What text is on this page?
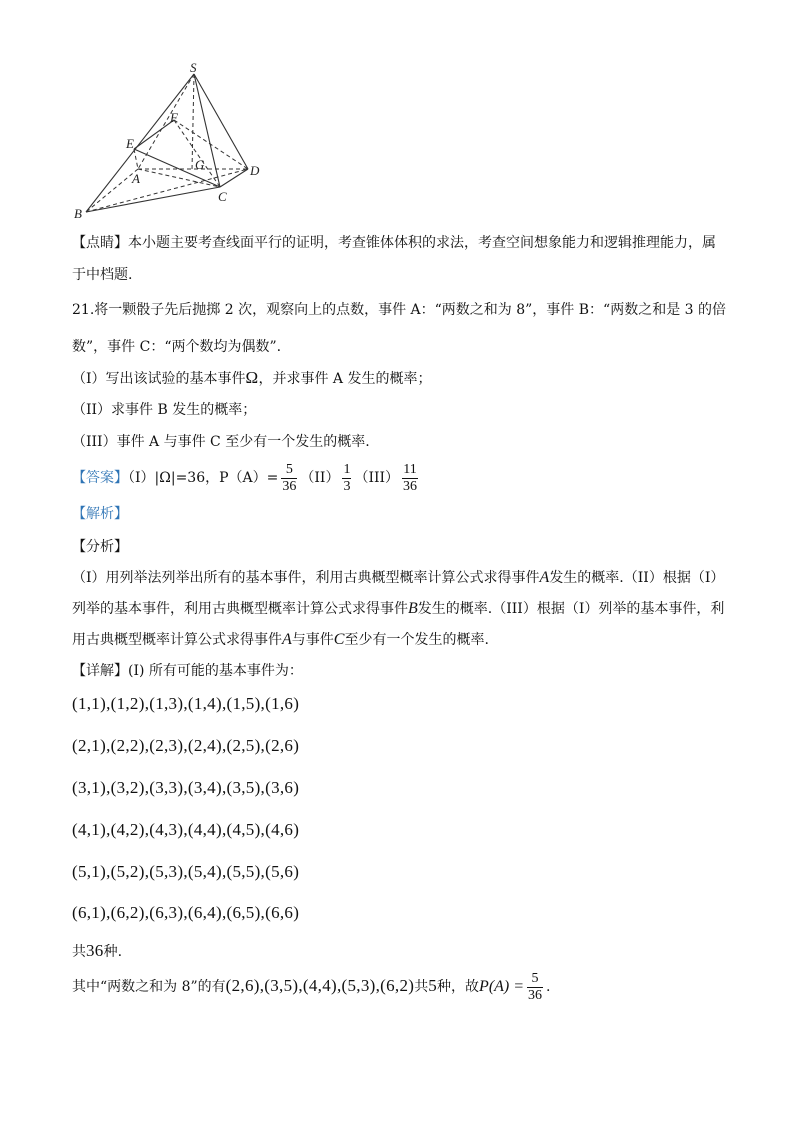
S
F
E
G	D
A
C
B
【点睛】本小题主要考查线面平行的证明，考查锥体体积的求法，考查空间想象能力和逻辑推理能力，属
于中档题.
21.将一颗骰子先后抛掷 2 次，观察向上的点数，事件 A：“两数之和为 8”，事件 B：“两数之和是 3 的倍
数”，事件 C：“两个数均为偶数”.
（I）写出该试验的基本事件Ω，并求事件 A 发生的概率；
（II）求事件 B 发生的概率；
（III）事件 A 与事件 C 至少有一个发生的概率.
【答案】（I）|Ω|=36，$P(A)= \frac{5}{36} (II) \frac{1}{3} (III) \frac{11}{36}$
【解析】
【分析】
（I）用列举法列举出所有的基本事件，利用古典概型概率计算公式求得事件A发生的概率.（II）根据（I）
列举的基本事件，利用古典概型概率计算公式求得事件B发生的概率.（III）根据（I）列举的基本事件，利
用古典概型概率计算公式求得事件A与事件C至少有一个发生的概率.
【详解】(I) 所有可能的基本事件为：
(1,1),(1,2),(1,3),(1,4),(1,5),(1,6)
(2,1),(2,2),(2,3),(2,4),(2,5),(2,6)
(3,1),(3,2),(3,3),(3,4),(3,5),(3,6)
(4,1),(4,2),(4,3),(4,4),(4,5),(4,6)
(5,1),(5,2),(5,3),(5,4),(5,5),(5,6)
(6,1),(6,2),(6,3),(6,4),(6,5),(6,6)
共36种.
其中“两数之和为 8”的有(2,6),(3,5),(4,4),(5,3),(6,2)共5种，故$P(A) = \frac{5}{36}$ .
